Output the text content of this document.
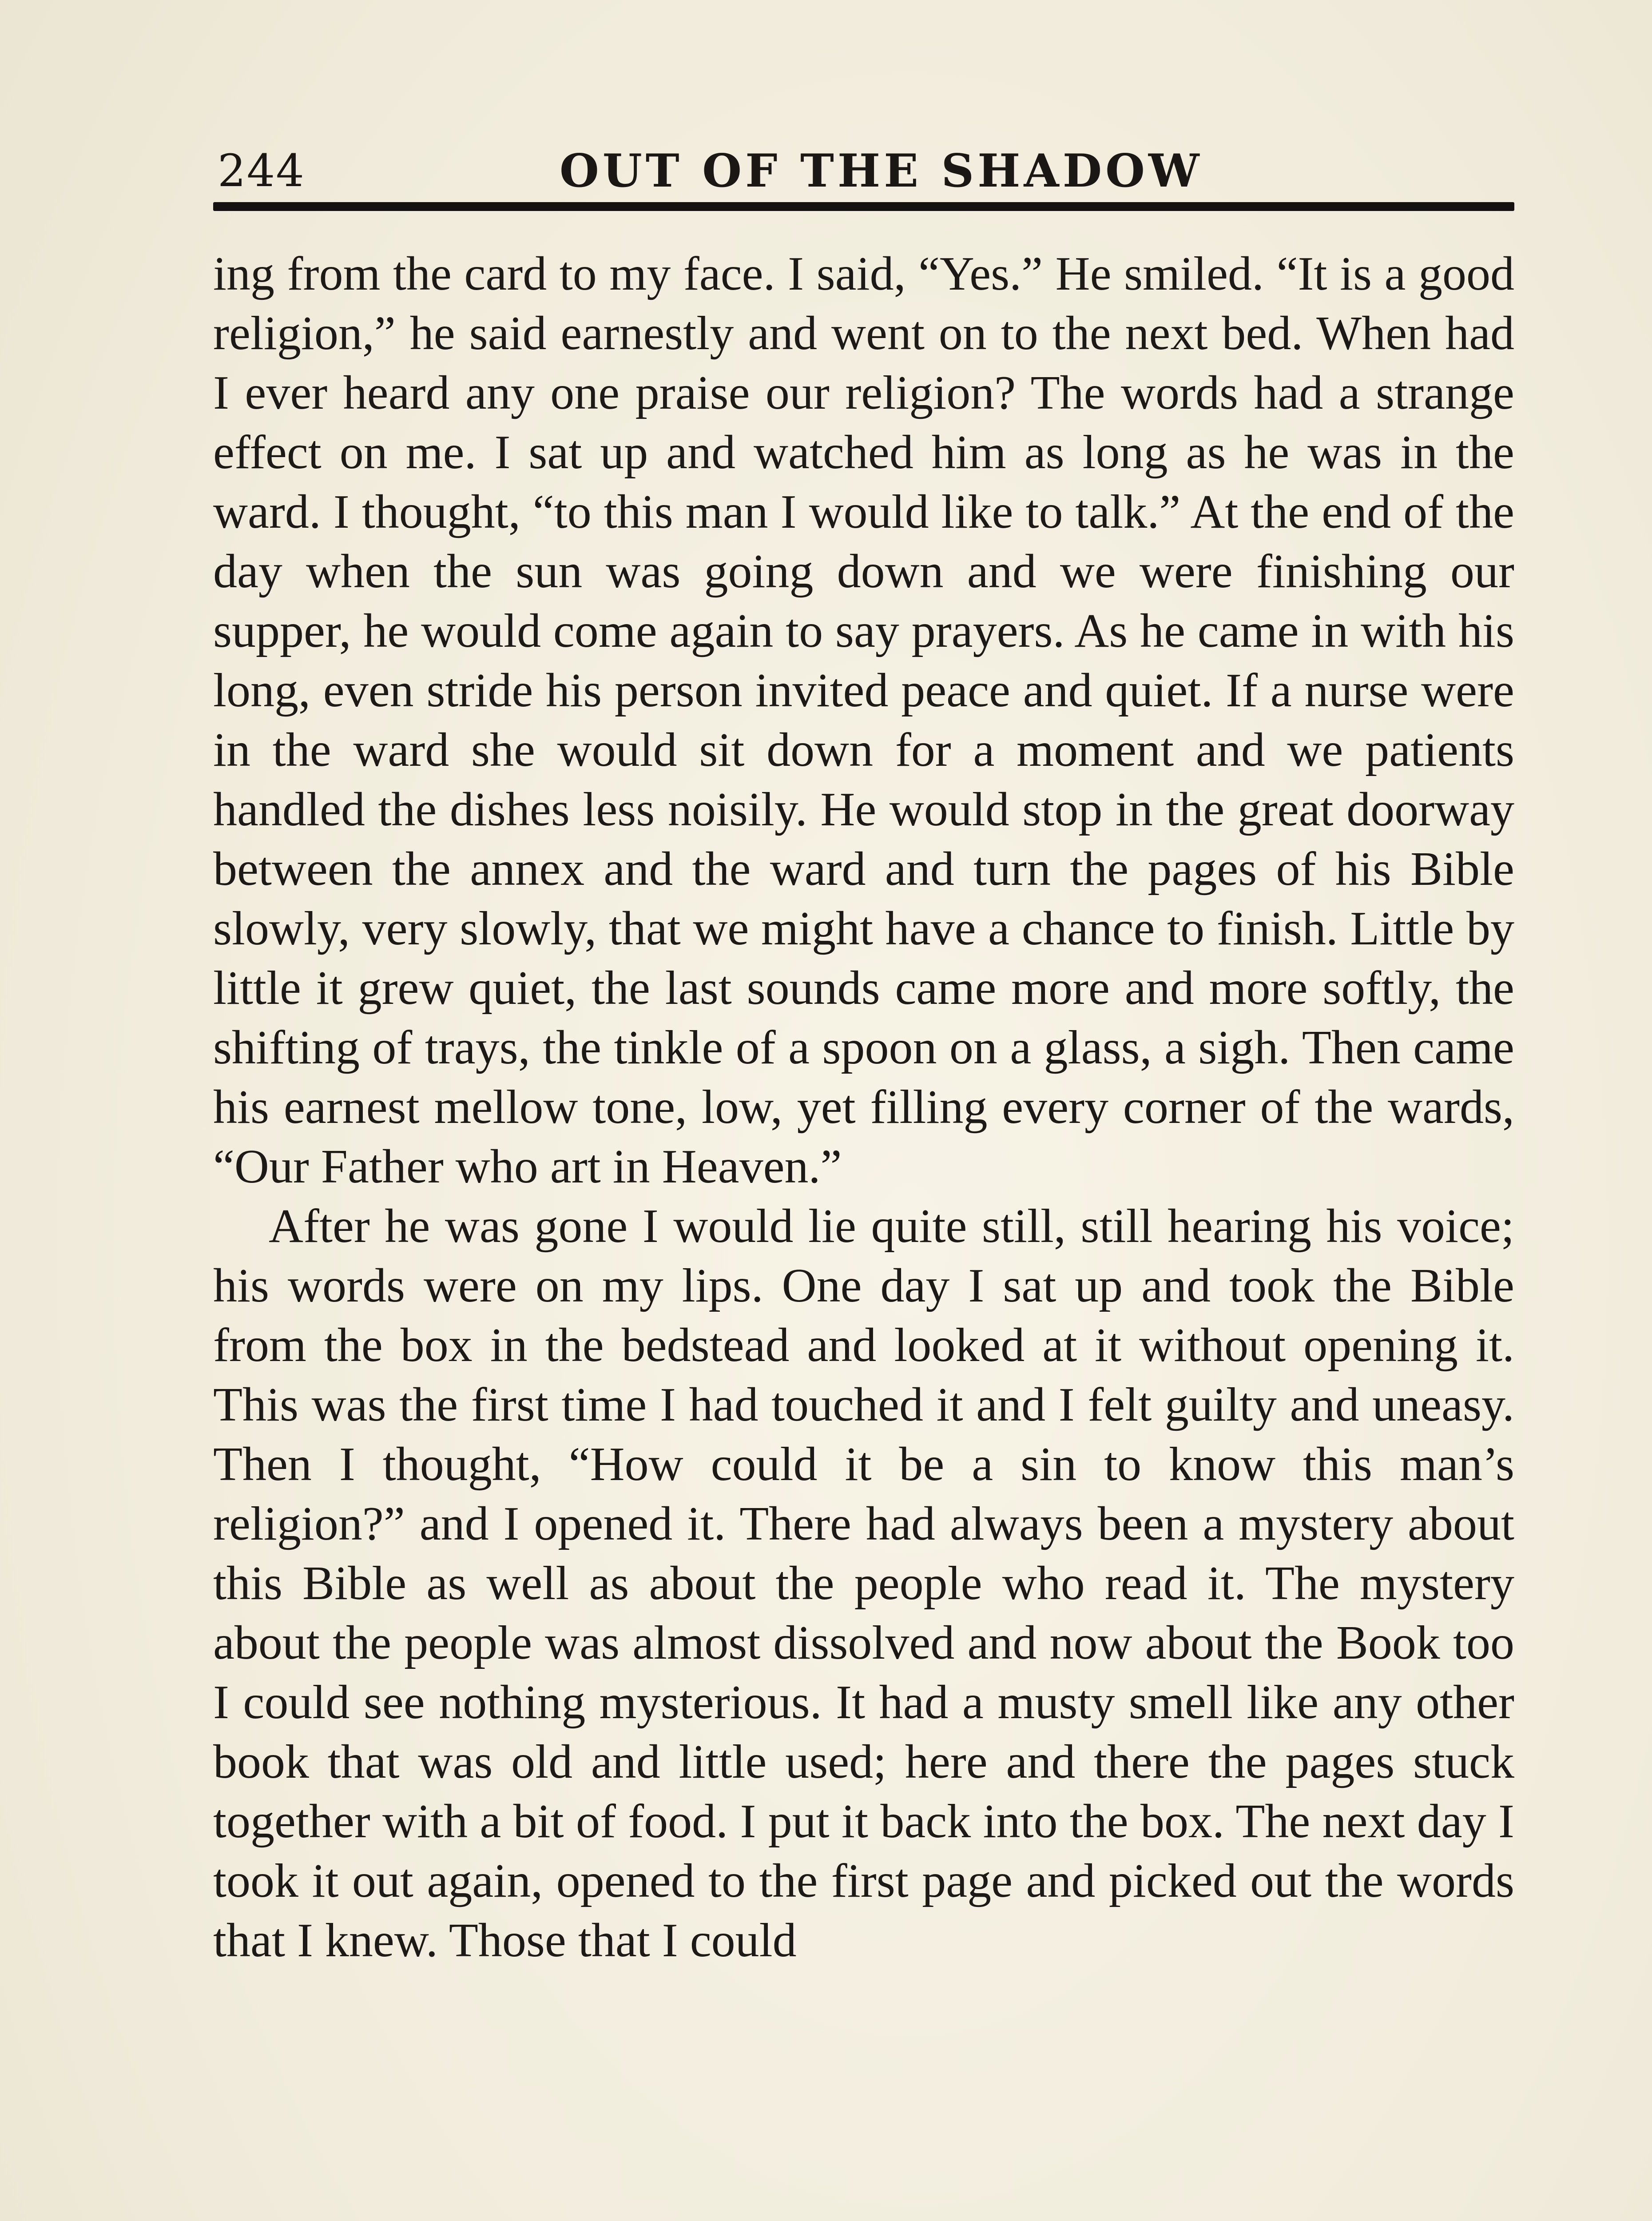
244	OUT OF THE SHADOW

ing from the card to my face. I said, “Yes.” He smiled. “It is a good religion,” he said earnestly and went on to the next bed. When had I ever heard any one praise our religion? The words had a strange effect on me. I sat up and watched him as long as he was in the ward. I thought, “to this man I would like to talk.” At the end of the day when the sun was going down and we were finishing our supper, he would come again to say prayers. As he came in with his long, even stride his person invited peace and quiet. If a nurse were in the ward she would sit down for a moment and we patients handled the dishes less noisily. He would stop in the great doorway between the annex and the ward and turn the pages of his Bible slowly, very slowly, that we might have a chance to finish. Little by little it grew quiet, the last sounds came more and more softly, the shifting of trays, the tinkle of a spoon on a glass, a sigh. Then came his earnest mellow tone, low, yet filling every corner of the wards, “Our Father who art in Heaven.”

After he was gone I would lie quite still, still hearing his voice; his words were on my lips. One day I sat up and took the Bible from the box in the bedstead and looked at it without opening it. This was the first time I had touched it and I felt guilty and uneasy. Then I thought, “How could it be a sin to know this man’s religion?” and I opened it. There had always been a mystery about this Bible as well as about the people who read it. The mystery about the people was almost dissolved and now about the Book too I could see nothing mysterious. It had a musty smell like any other book that was old and little used; here and there the pages stuck together with a bit of food. I put it back into the box. The next day I took it out again, opened to the first page and picked out the words that I knew. Those that I could
